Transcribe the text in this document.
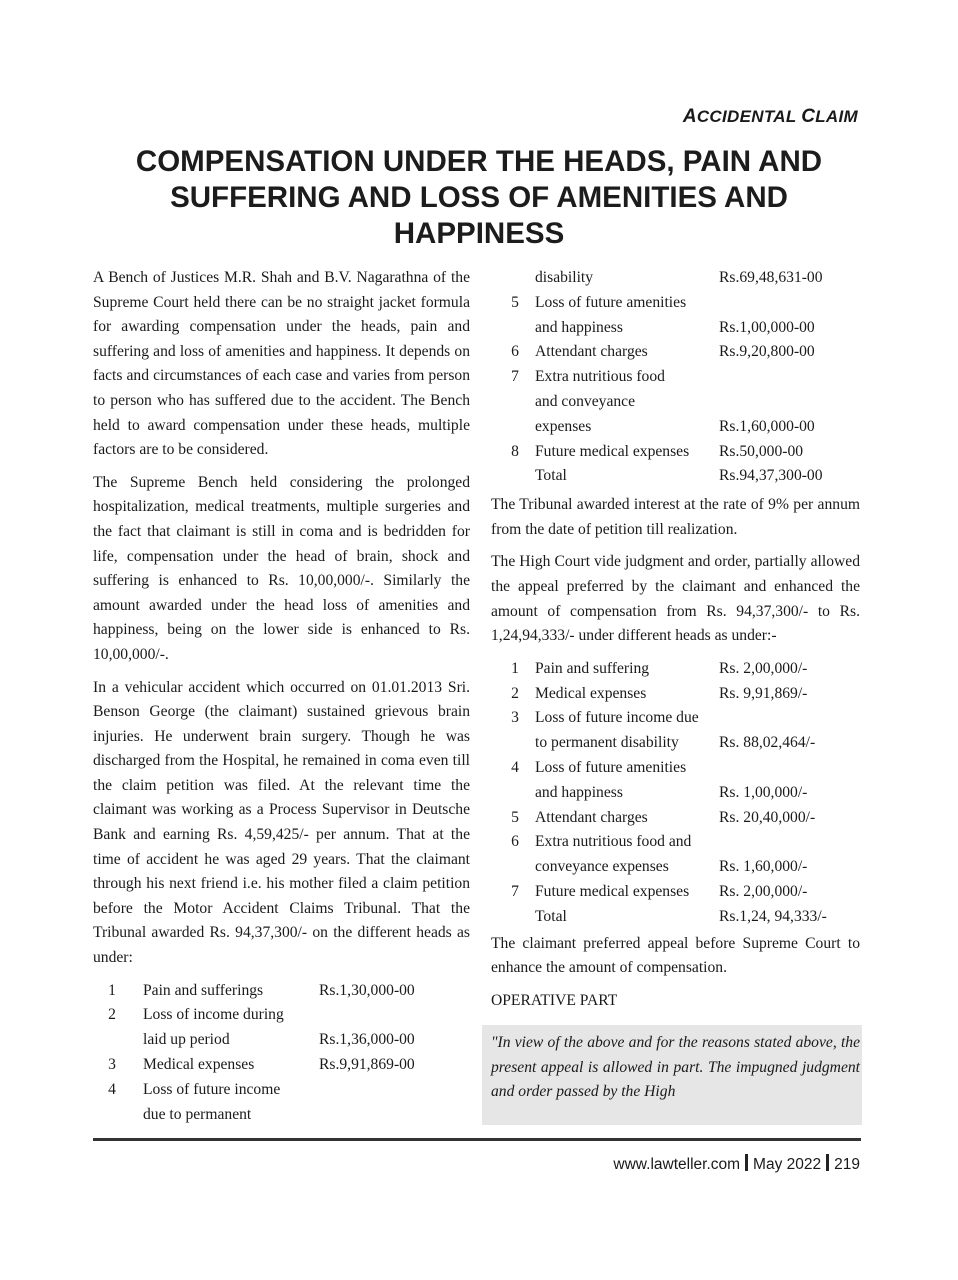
ACCIDENTAL CLAIM
COMPENSATION UNDER THE HEADS, PAIN AND SUFFERING AND LOSS OF AMENITIES AND HAPPINESS

A Bench of Justices M.R. Shah and B.V. Nagarathna of the Supreme Court held there can be no straight jacket formula for awarding compensation under the heads, pain and suffering and loss of amenities and happiness. It depends on facts and circumstances of each case and varies from person to person who has suffered due to the accident. The Bench held to award compensation under these heads, multiple factors are to be considered.

The Supreme Bench held considering the prolonged hospitalization, medical treatments, multiple surgeries and the fact that claimant is still in coma and is bedridden for life, compensation under the head of brain, shock and suffering is enhanced to Rs. 10,00,000/-. Similarly the amount awarded under the head loss of amenities and happiness, being on the lower side is enhanced to Rs. 10,00,000/-.

In a vehicular accident which occurred on 01.01.2013 Sri. Benson George (the claimant) sustained grievous brain injuries. He underwent brain surgery. Though he was discharged from the Hospital, he remained in coma even till the claim petition was filed. At the relevant time the claimant was working as a Process Supervisor in Deutsche Bank and earning Rs. 4,59,425/- per annum. That at the time of accident he was aged 29 years. That the claimant through his next friend i.e. his mother filed a claim petition before the Motor Accident Claims Tribunal. That the Tribunal awarded Rs. 94,37,300/- on the different heads as under:

1	Pain and sufferings	Rs.1,30,000-00
2	Loss of income during	
	laid up period	Rs.1,36,000-00
3	Medical expenses	Rs.9,91,869-00
4	Loss of future income	
	due to permanent	
	disability	Rs.69,48,631-00
5	Loss of future amenities	
	and happiness	Rs.1,00,000-00
6	Attendant charges	Rs.9,20,800-00
7	Extra nutritious food	
	and conveyance	
	expenses	Rs.1,60,000-00
8	Future medical expenses	Rs.50,000-00
	Total	Rs.94,37,300-00

The Tribunal awarded interest at the rate of 9% per annum from the date of petition till realization.

The High Court vide judgment and order, partially allowed the appeal preferred by the claimant and enhanced the amount of compensation from Rs. 94,37,300/- to Rs. 1,24,94,333/- under different heads as under:-

1	Pain and suffering	Rs. 2,00,000/-
2	Medical expenses	Rs. 9,91,869/-
3	Loss of future income due	
	to permanent disability	Rs. 88,02,464/-
4	Loss of future amenities	
	and happiness	Rs. 1,00,000/-
5	Attendant charges	Rs. 20,40,000/-
6	Extra nutritious food and	
	conveyance expenses	Rs. 1,60,000/-
7	Future medical expenses	Rs. 2,00,000/-
	Total	Rs.1,24, 94,333/-

The claimant preferred appeal before Supreme Court to enhance the amount of compensation.

OPERATIVE PART

"In view of the above and for the reasons stated above, the present appeal is allowed in part. The impugned judgment and order passed by the High
www.lawteller.com May 2022 219
